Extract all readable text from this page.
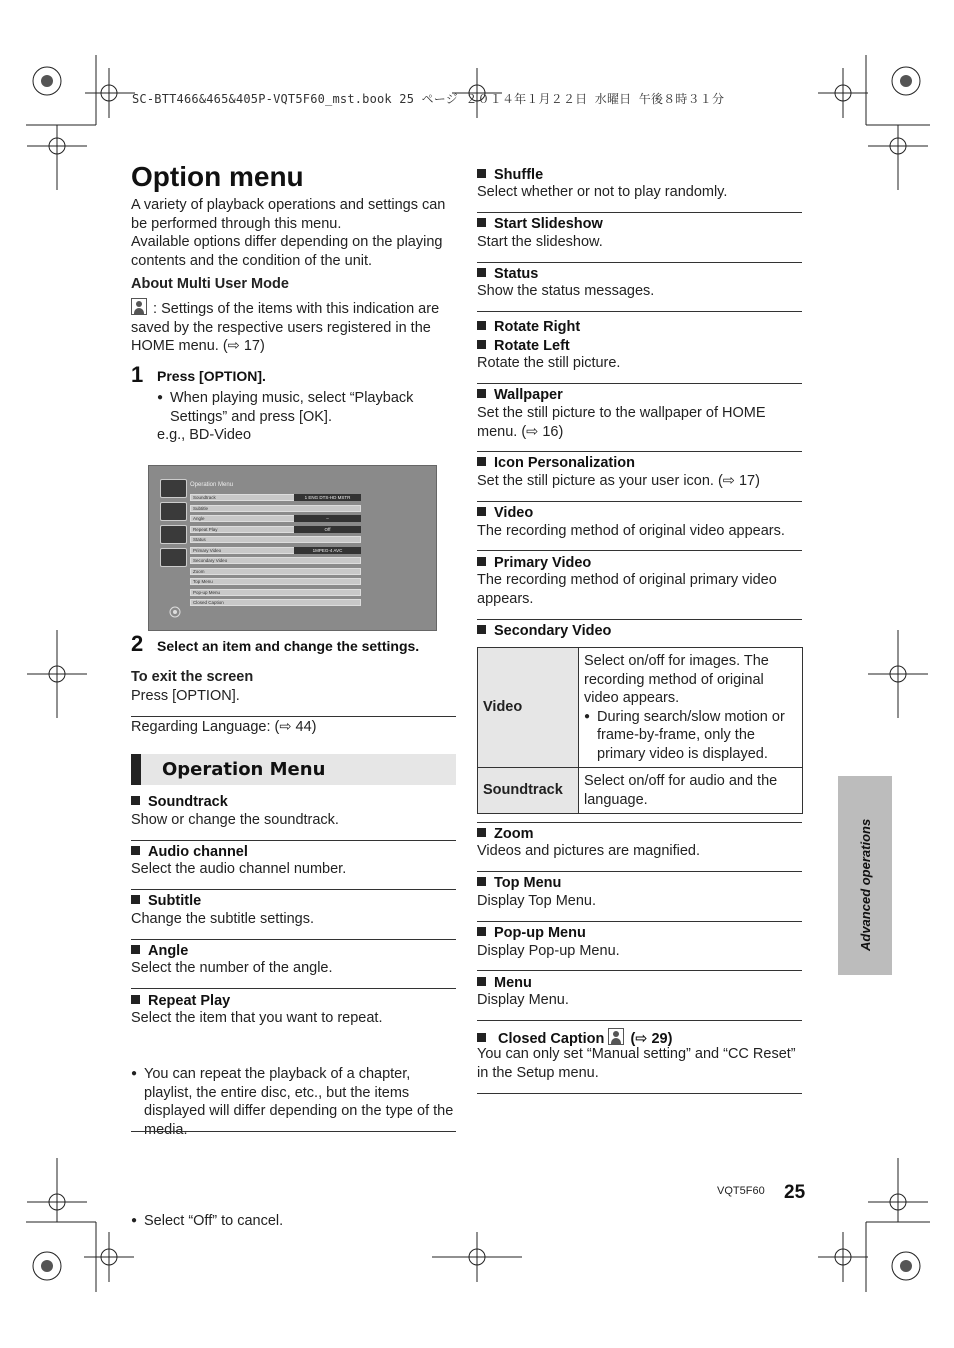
SC-BTT466&465&405P-VQT5F60_mst.book 25 ページ ２０１４年１月２２日 水曜日 午後８時３１分
Option menu
A variety of playback operations and settings can be performed through this menu.
Available options differ depending on the playing contents and the condition of the unit.
About Multi User Mode
: Settings of the items with this indication are saved by the respective users registered in the HOME menu. (⇨ 17)
1 Press [OPTION].
● When playing music, select “Playback Settings” and press [OK].
e.g., BD-Video
Operation Menu
Soundtrack	1 ENG DTS-HD MSTR
Subtitle
Angle	–
Repeat Play	Off
Status
Primary Video	1MPEG-4 AVC
Secondary Video
Zoom
Top Menu
Pop-up Menu
Closed Caption
2 Select an item and change the settings.
To exit the screen
Press [OPTION].
Regarding Language: (⇨ 44)
Operation Menu
Soundtrack
Show or change the soundtrack.
Audio channel
Select the audio channel number.
Subtitle
Change the subtitle settings.
Angle
Select the number of the angle.
Repeat Play
Select the item that you want to repeat.
● You can repeat the playback of a chapter, playlist, the entire disc, etc., but the items displayed will differ depending on the type of the media.
● Select “Off” to cancel.
Shuffle
Select whether or not to play randomly.
Start Slideshow
Start the slideshow.
Status
Show the status messages.
Rotate Right
Rotate Left
Rotate the still picture.
Wallpaper
Set the still picture to the wallpaper of HOME menu. (⇨ 16)
Icon Personalization
Set the still picture as your user icon. (⇨ 17)
Video
The recording method of original video appears.
Primary Video
The recording method of original primary video appears.
Secondary Video
Video	Select on/off for images. The recording method of original video appears.
● During search/slow motion or frame-by-frame, only the primary video is displayed.

Soundtrack	Select on/off for audio and the language.
Zoom
Videos and pictures are magnified.
Top Menu
Display Top Menu.
Pop-up Menu
Display Pop-up Menu.
Menu
Display Menu.
Closed Caption (⇨ 29)
You can only set “Manual setting” and “CC Reset” in the Setup menu.
Advanced operations
VQT5F60 25
